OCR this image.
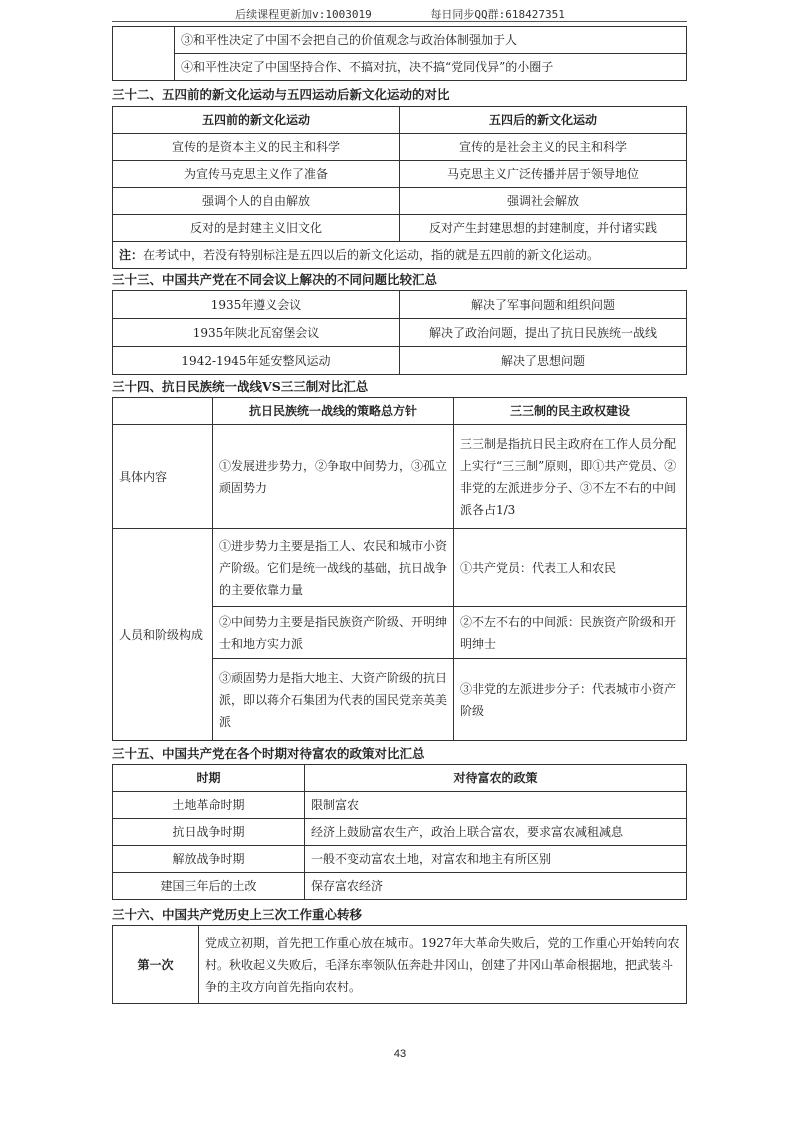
后续课程更新加v:1003019	每日同步QQ群:618427351
	③和平性决定了中国不会把自己的价值观念与政治体制强加于人
④和平性决定了中国坚持合作、不搞对抗，决不搞“党同伐异”的小圈子
三十二、五四前的新文化运动与五四运动后新文化运动的对比
五四前的新文化运动	五四后的新文化运动
宣传的是资本主义的民主和科学	宣传的是社会主义的民主和科学
为宣传马克思主义作了准备	马克思主义广泛传播并居于领导地位
强调个人的自由解放	强调社会解放
反对的是封建主义旧文化	反对产生封建思想的封建制度，并付诸实践
注：在考试中，若没有特别标注是五四以后的新文化运动，指的就是五四前的新文化运动。	
三十三、中国共产党在不同会议上解决的不同问题比较汇总
1935年遵义会议	解决了军事问题和组织问题
1935年陕北瓦窑堡会议	解决了政治问题，提出了抗日民族统一战线
1942-1945年延安整风运动	解决了思想问题
三十四、抗日民族统一战线VS三三制对比汇总
	抗日民族统一战线的策略总方针	三三制的民主政权建设
具体内容	①发展进步势力，②争取中间势力，③孤立顽固势力	三三制是指抗日民主政府在工作人员分配上实行“三三制”原则，即①共产党员、②非党的左派进步分子、③不左不右的中间派各占1/3
人员和阶级构成	①进步势力主要是指工人、农民和城市小资产阶级。它们是统一战线的基础，抗日战争的主要依靠力量	①共产党员：代表工人和农民
	②中间势力主要是指民族资产阶级、开明绅士和地方实力派	②不左不右的中间派：民族资产阶级和开明绅士
	③顽固势力是指大地主、大资产阶级的抗日派，即以蒋介石集团为代表的国民党亲英美派	③非党的左派进步分子：代表城市小资产阶级
三十五、中国共产党在各个时期对待富农的政策对比汇总
时期	对待富农的政策
土地革命时期	限制富农
抗日战争时期	经济上鼓励富农生产，政治上联合富农，要求富农减租减息
解放战争时期	一般不变动富农土地，对富农和地主有所区别
建国三年后的土改	保存富农经济
三十六、中国共产党历史上三次工作重心转移
第一次	党成立初期，首先把工作重心放在城市。1927年大革命失败后，党的工作重心开始转向农村。秋收起义失败后，毛泽东率领队伍奔赴井冈山，创建了井冈山革命根据地，把武装斗争的主攻方向首先指向农村。
43
